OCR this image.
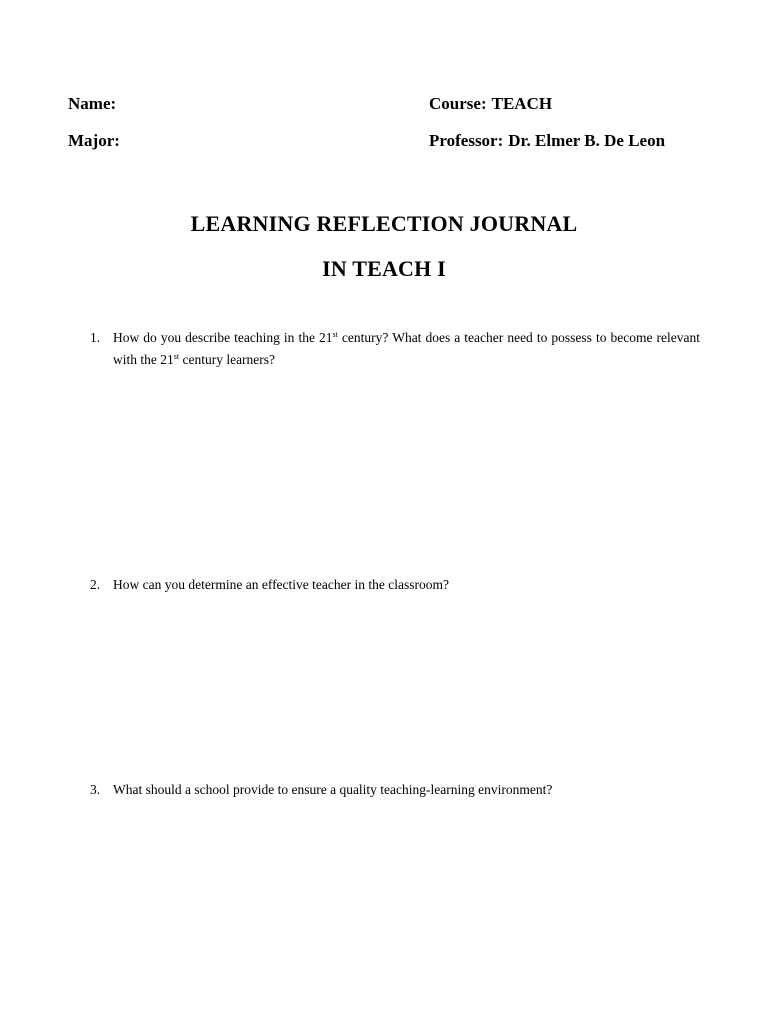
Name:
Major:
Course: TEACH
Professor: Dr. Elmer B. De Leon
LEARNING REFLECTION JOURNAL
IN TEACH I
1. How do you describe teaching in the 21st century? What does a teacher need to possess to become relevant with the 21st century learners?
2. How can you determine an effective teacher in the classroom?
3. What should a school provide to ensure a quality teaching-learning environment?
